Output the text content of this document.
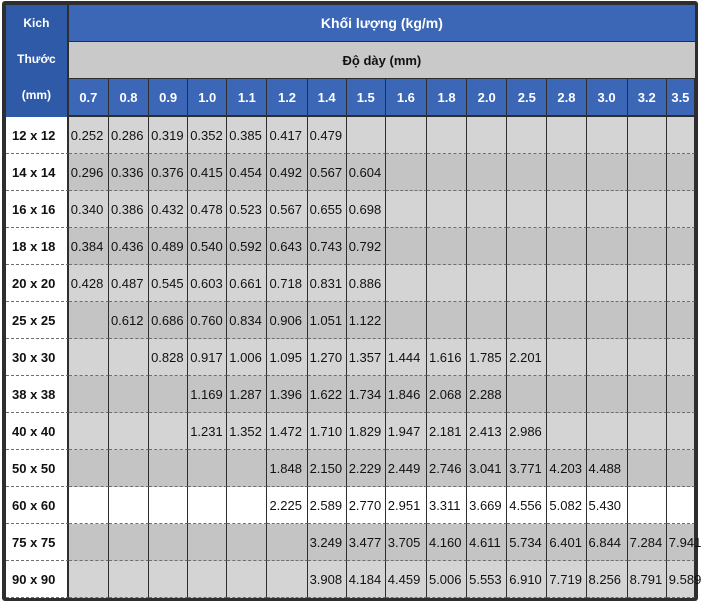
Kich
Thước
(mm)	Khối lượng (kg/m)															
	Độ dày (mm)															
	0.7	0.8	0.9	1.0	1.1	1.2	1.4	1.5	1.6	1.8	2.0	2.5	2.8	3.0	3.2	3.5
12 x 12	0.252	0.286	0.319	0.352	0.385	0.417	0.479									
14 x 14	0.296	0.336	0.376	0.415	0.454	0.492	0.567	0.604								
16 x 16	0.340	0.386	0.432	0.478	0.523	0.567	0.655	0.698								
18 x 18	0.384	0.436	0.489	0.540	0.592	0.643	0.743	0.792								
20 x 20	0.428	0.487	0.545	0.603	0.661	0.718	0.831	0.886								
25 x 25		0.612	0.686	0.760	0.834	0.906	1.051	1.122								
30 x 30			0.828	0.917	1.006	1.095	1.270	1.357	1.444	1.616	1.785	2.201				
38 x 38				1.169	1.287	1.396	1.622	1.734	1.846	2.068	2.288					
40 x 40				1.231	1.352	1.472	1.710	1.829	1.947	2.181	2.413	2.986				
50 x 50						1.848	2.150	2.229	2.449	2.746	3.041	3.771	4.203	4.488		
60 x 60						2.225	2.589	2.770	2.951	3.311	3.669	4.556	5.082	5.430		
75 x 75							3.249	3.477	3.705	4.160	4.611	5.734	6.401	6.844	7.284	7.941
90 x 90							3.908	4.184	4.459	5.006	5.553	6.910	7.719	8.256	8.791	9.589
